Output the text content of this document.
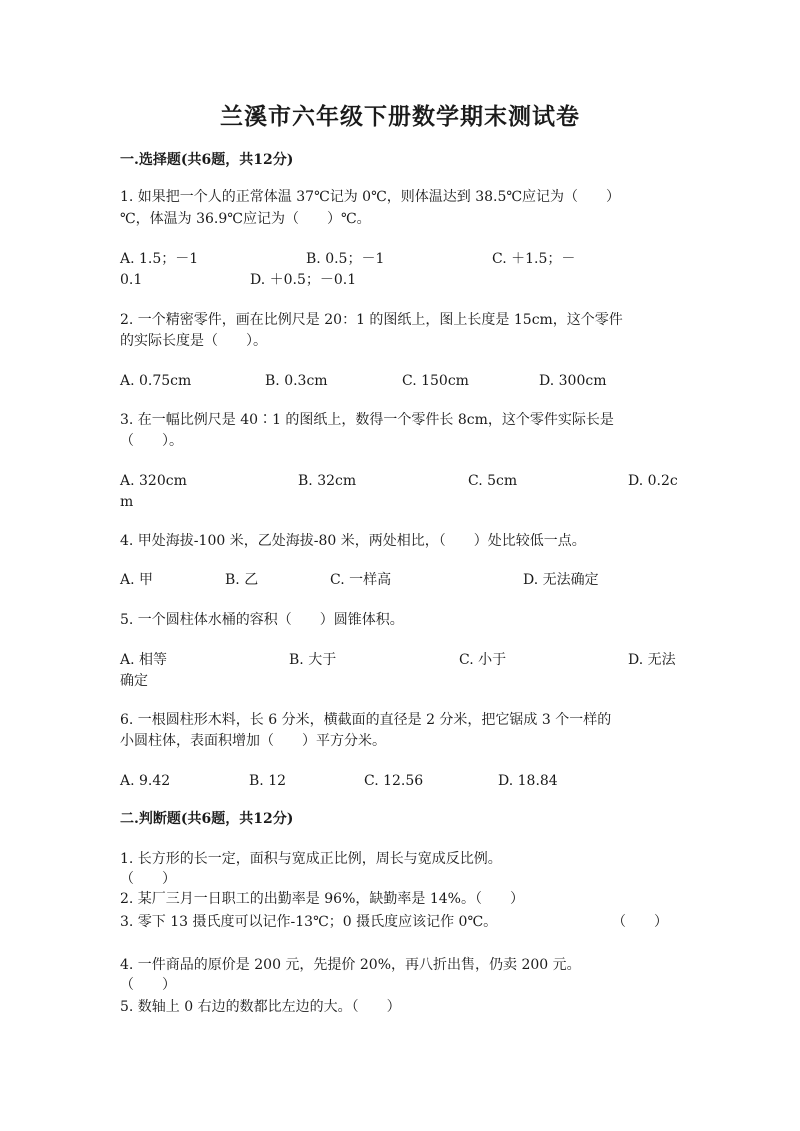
兰溪市六年级下册数学期末测试卷
一.选择题(共6题，共12分)
1. 如果把一个人的正常体温 37℃记为 0℃，则体温达到 38.5℃应记为（　　）
℃，体温为 36.9℃应记为（　　）℃。
A. 1.5；－1	B. 0.5；－1	C. ＋1.5；－
0.1	D. ＋0.5；－0.1
2. 一个精密零件，画在比例尺是 20：1 的图纸上，图上长度是 15cm，这个零件
的实际长度是（　　）。
A. 0.75cm	B. 0.3cm	C. 150cm	D. 300cm
3. 在一幅比例尺是 40∶1 的图纸上，数得一个零件长 8cm，这个零件实际长是
（　　）。
A. 320cm	B. 32cm	C. 5cm	D. 0.2c
m
4. 甲处海拔-100 米，乙处海拔-80 米，两处相比，（　　）处比较低一点。
A. 甲	B. 乙	C. 一样高	D. 无法确定
5. 一个圆柱体水桶的容积（　　）圆锥体积。
A. 相等	B. 大于	C. 小于	D. 无法
确定
6. 一根圆柱形木料，长 6 分米，横截面的直径是 2 分米，把它锯成 3 个一样的
小圆柱体，表面积增加（　　）平方分米。
A. 9.42	B. 12	C. 12.56	D. 18.84
二.判断题(共6题，共12分)
1. 长方形的长一定，面积与宽成正比例，周长与宽成反比例。
（　　）
2. 某厂三月一日职工的出勤率是 96%，缺勤率是 14%。（　　）
3. 零下 13 摄氏度可以记作-13℃；0 摄氏度应该记作 0℃。	（　　）
4. 一件商品的原价是 200 元，先提价 20%，再八折出售，仍卖 200 元。
（　　）
5. 数轴上 0 右边的数都比左边的大。（　　）
